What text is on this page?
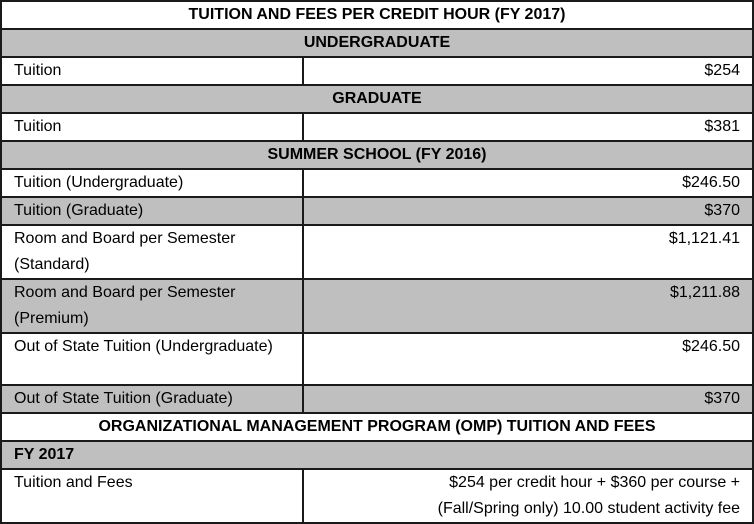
TUITION AND FEES PER CREDIT HOUR (FY 2017)	
UNDERGRADUATE	
Tuition	$254
GRADUATE	
Tuition	$381
SUMMER SCHOOL (FY 2016)	
Tuition (Undergraduate)	$246.50
Tuition (Graduate)	$370
Room and Board per Semester (Standard)	$1,121.41
Room and Board per Semester (Premium)	$1,211.88
Out of State Tuition (Undergraduate)	$246.50
Out of State Tuition (Graduate)	$370
ORGANIZATIONAL MANAGEMENT PROGRAM (OMP) TUITION AND FEES	
FY 2017	
Tuition and Fees	$254 per credit hour + $360 per course +
(Fall/Spring only) 10.00 student activity fee
